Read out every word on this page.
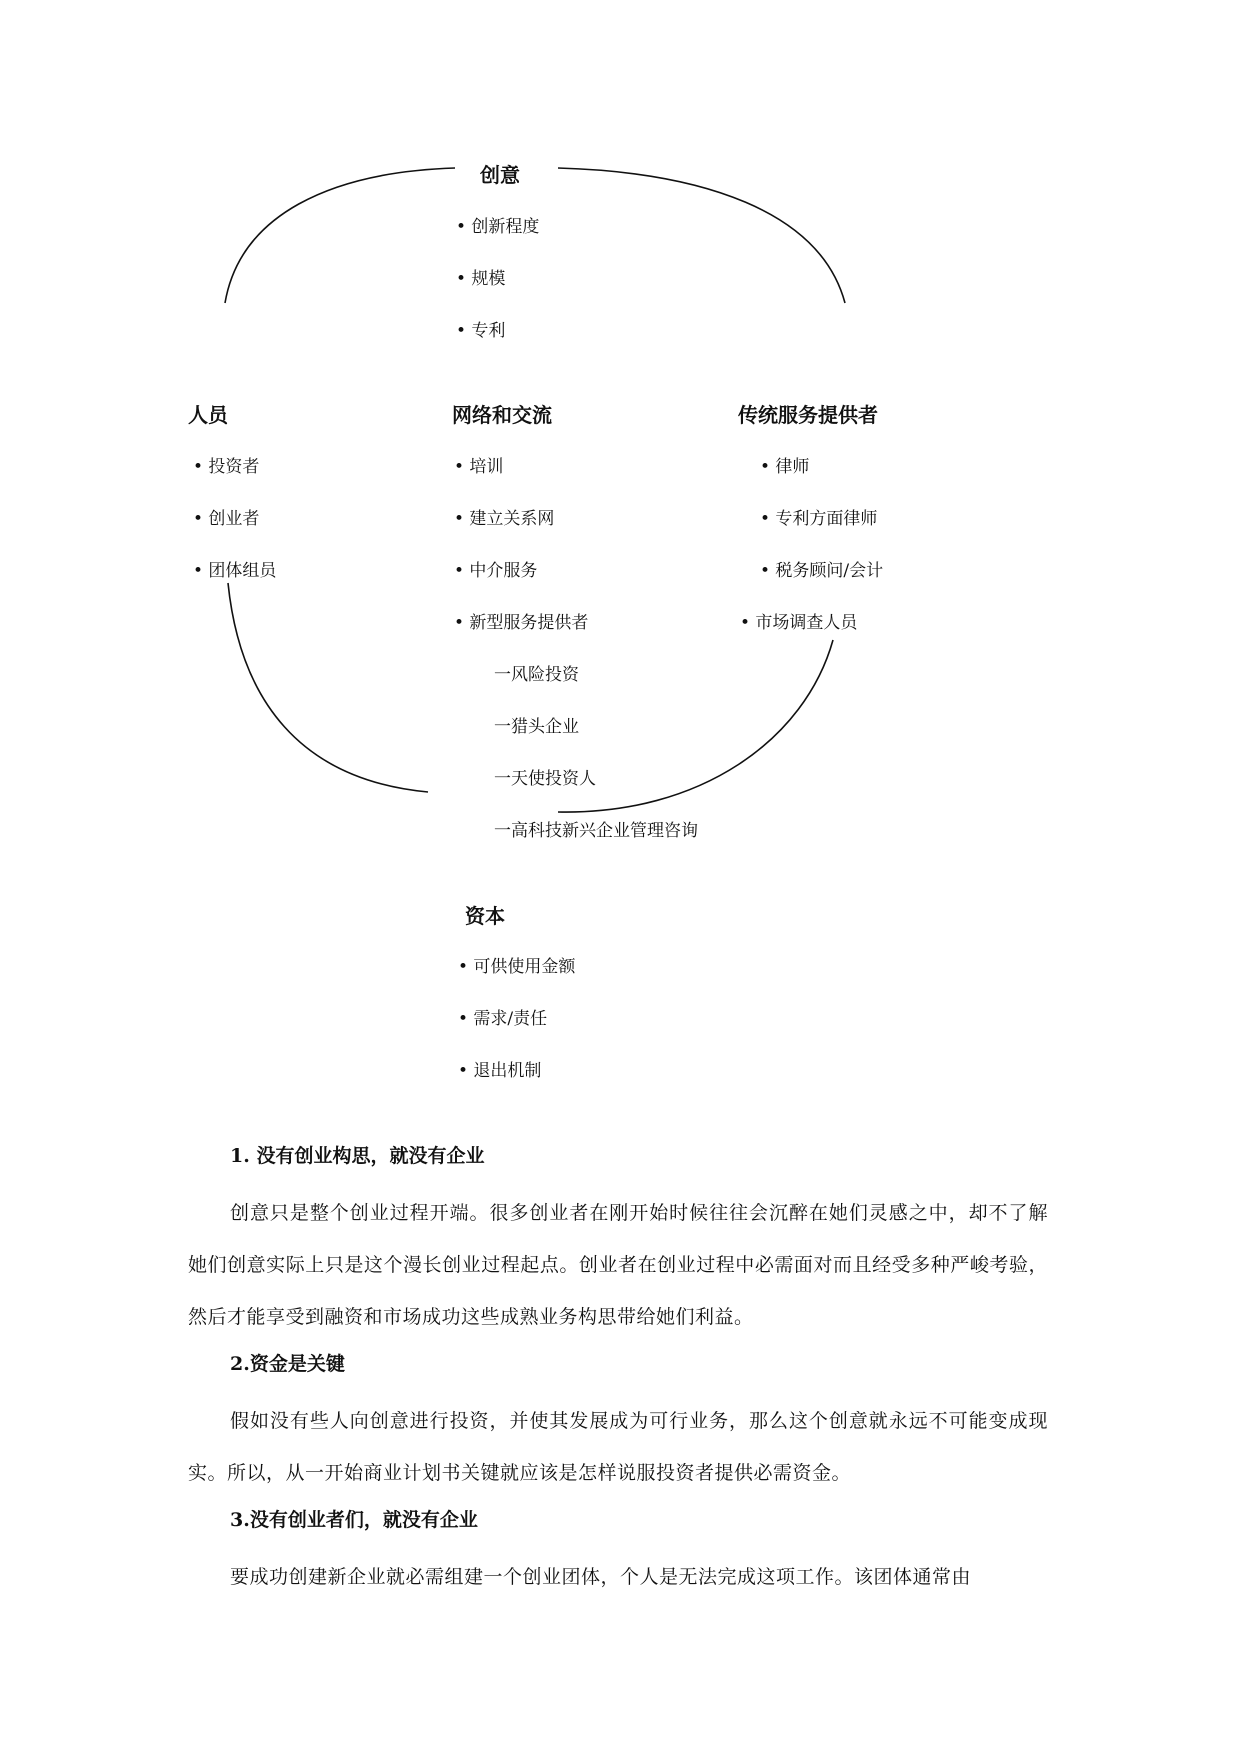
创意
• 创新程度
• 规模
• 专利
人员
• 投资者
• 创业者
• 团体组员
网络和交流
• 培训
• 建立关系网
• 中介服务
• 新型服务提供者
一风险投资
一猎头企业
一天使投资人
一高科技新兴企业管理咨询
传统服务提供者
• 律师
• 专利方面律师
• 税务顾问/会计
• 市场调查人员
资本
• 可供使用金额
• 需求/责任
• 退出机制
1. 没有创业构思，就没有企业

创意只是整个创业过程开端。很多创业者在刚开始时候往往会沉醉在她们灵感之中，却不了解她们创意实际上只是这个漫长创业过程起点。创业者在创业过程中必需面对而且经受多种严峻考验，然后才能享受到融资和市场成功这些成熟业务构思带给她们利益。

2.资金是关键

假如没有些人向创意进行投资，并使其发展成为可行业务，那么这个创意就永远不可能变成现实。所以，从一开始商业计划书关键就应该是怎样说服投资者提供必需资金。

3.没有创业者们，就没有企业

要成功创建新企业就必需组建一个创业团体，个人是无法完成这项工作。该团体通常由
